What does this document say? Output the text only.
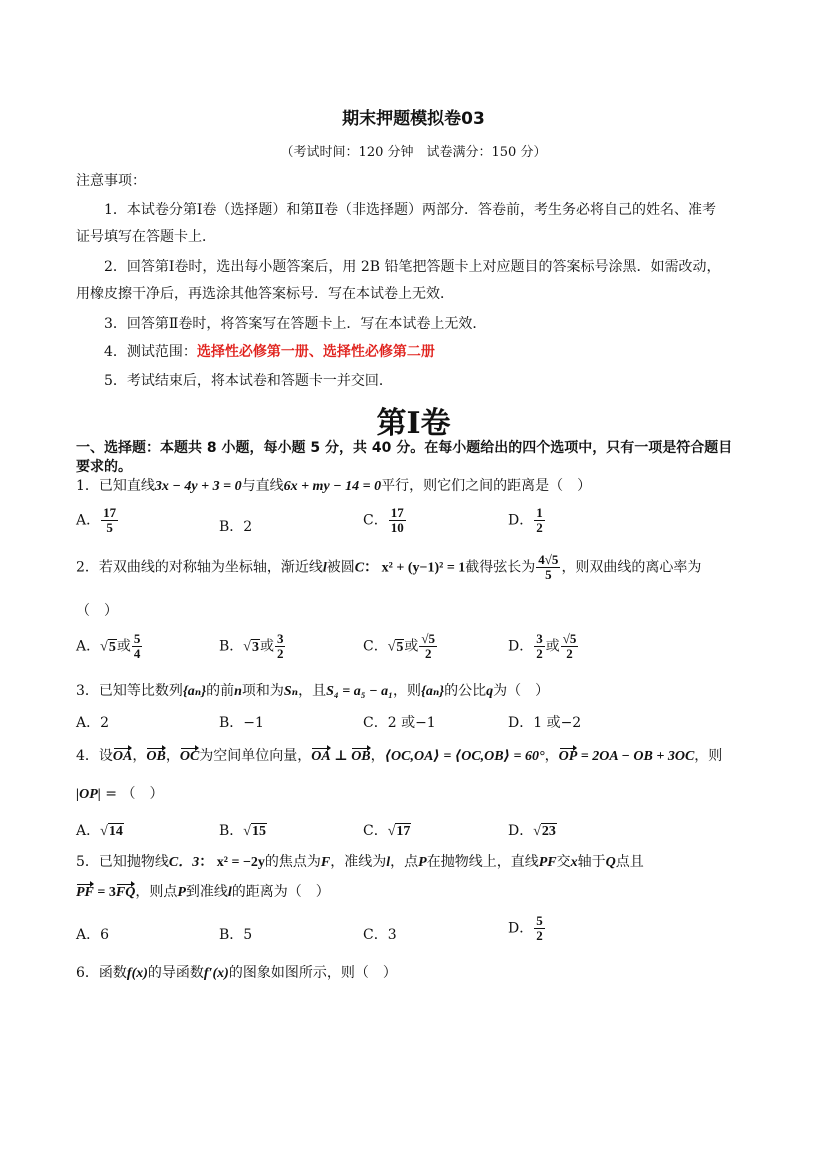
期末押题模拟卷03
（考试时间：120 分钟　试卷满分：150 分）
注意事项：
1．本试卷分第Ⅰ卷（选择题）和第Ⅱ卷（非选择题）两部分．答卷前，考生务必将自己的姓名、准考
证号填写在答题卡上．
2．回答第Ⅰ卷时，选出每小题答案后，用 2B 铅笔把答题卡上对应题目的答案标号涂黑．如需改动，
用橡皮擦干净后，再选涂其他答案标号．写在本试卷上无效．
3．回答第Ⅱ卷时，将答案写在答题卡上．写在本试卷上无效．
4．测试范围：选择性必修第一册、选择性必修第二册
5．考试结束后，将本试卷和答题卡一并交回．
第Ⅰ卷
一、选择题：本题共 8 小题，每小题 5 分，共 40 分。在每小题给出的四个选项中，只有一项是符合题目
要求的。
1．已知直线3x − 4y + 3 = 0与直线6x + my − 14 = 0平行，则它们之间的距离是（　）
A． $\frac{17}{5}$	B．2	C． $\frac{17}{10}$	D． $\frac{1}{2}$
2．若双曲线的对称轴为坐标轴，渐近线l被圆C： x² + (y−1)² = 1截得弦长为 $\frac{4√5}{5}$ ，则双曲线的离心率为
（　）
A．√5或 $\frac{5}{4}$	B．√3或 $\frac{3}{2}$	C．√5或 $\frac{√5}{2}$	D． $\frac{3}{2}$ 或 $\frac{√5}{2}$
3．已知等比数列{aₙ}的前n项和为Sₙ，且S₄ = a₅ − a₁，则{aₙ}的公比q为（　）
A．2	B．−1	C．2 或−1	D．1 或−2
4．设OA，OB，OC为空间单位向量，OA ⊥ OB，⟨OC,OA⟩ = ⟨OC,OB⟩ = 60°，OP = 2OA − OB + 3OC，则
|OP| = （　）
A．√14	B．√15	C．√17	D．√23
5．已知抛物线C．3： x² = −2y的焦点为F，准线为l，点P在抛物线上，直线PF交x轴于Q点且
PF = 3FQ，则点P到准线l的距离为（　）
A．6	B．5	C．3	D． $\frac{5}{2}$
6．函数f(x)的导函数f′(x)的图象如图所示，则（　）
